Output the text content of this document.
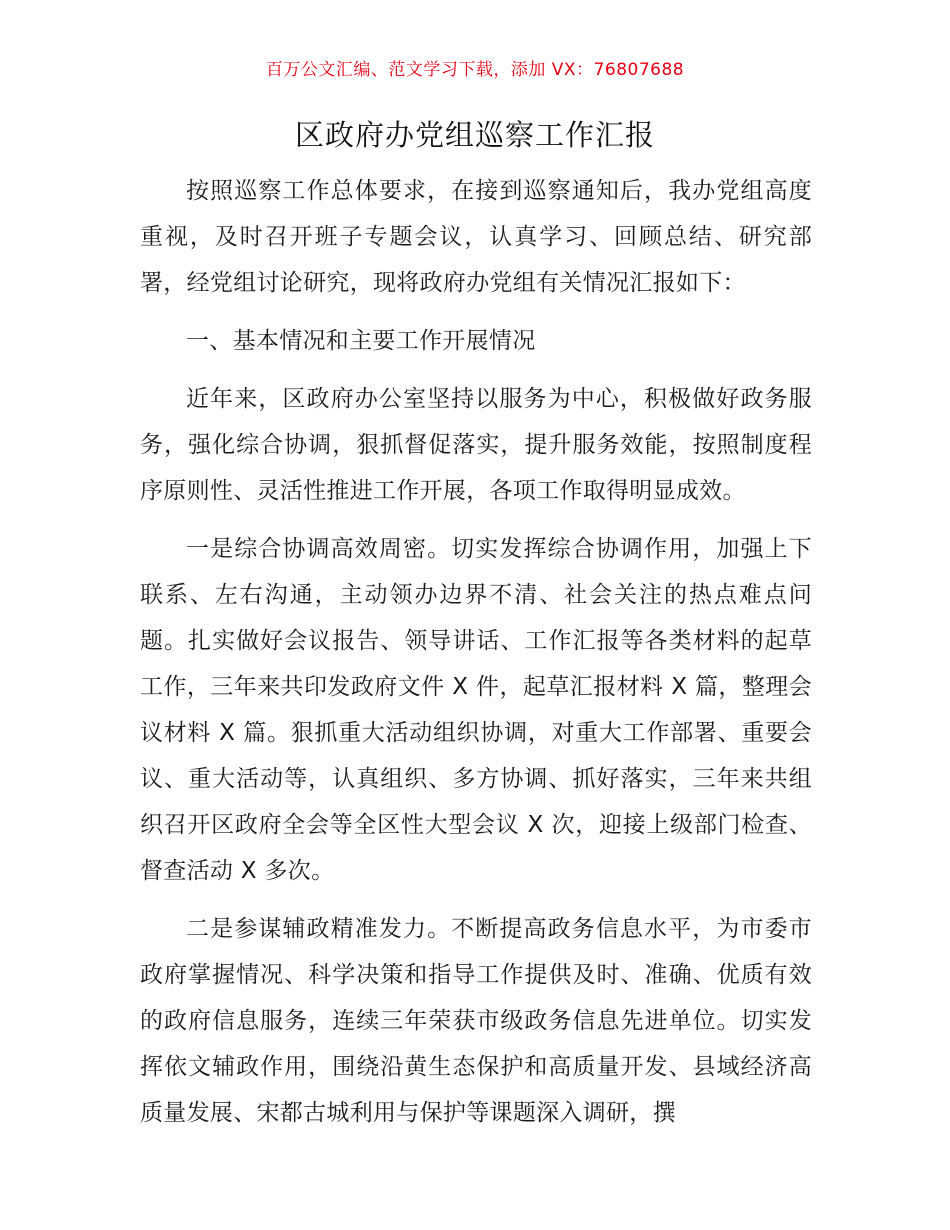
百万公文汇编、范文学习下载，添加 VX：76807688
区政府办党组巡察工作汇报

按照巡察工作总体要求，在接到巡察通知后，我办党组高度重视，及时召开班子专题会议，认真学习、回顾总结、研究部署，经党组讨论研究，现将政府办党组有关情况汇报如下：

一、基本情况和主要工作开展情况

近年来，区政府办公室坚持以服务为中心，积极做好政务服务，强化综合协调，狠抓督促落实，提升服务效能，按照制度程序原则性、灵活性推进工作开展，各项工作取得明显成效。

一是综合协调高效周密。切实发挥综合协调作用，加强上下联系、左右沟通，主动领办边界不清、社会关注的热点难点问题。扎实做好会议报告、领导讲话、工作汇报等各类材料的起草工作，三年来共印发政府文件 X 件，起草汇报材料 X 篇，整理会议材料 X 篇。狠抓重大活动组织协调，对重大工作部署、重要会议、重大活动等，认真组织、多方协调、抓好落实，三年来共组织召开区政府全会等全区性大型会议 X 次，迎接上级部门检查、督查活动 X 多次。

二是参谋辅政精准发力。不断提高政务信息水平，为市委市政府掌握情况、科学决策和指导工作提供及时、准确、优质有效的政府信息服务，连续三年荣获市级政务信息先进单位。切实发挥依文辅政作用，围绕沿黄生态保护和高质量开发、县域经济高质量发展、宋都古城利用与保护等课题深入调研，撰
